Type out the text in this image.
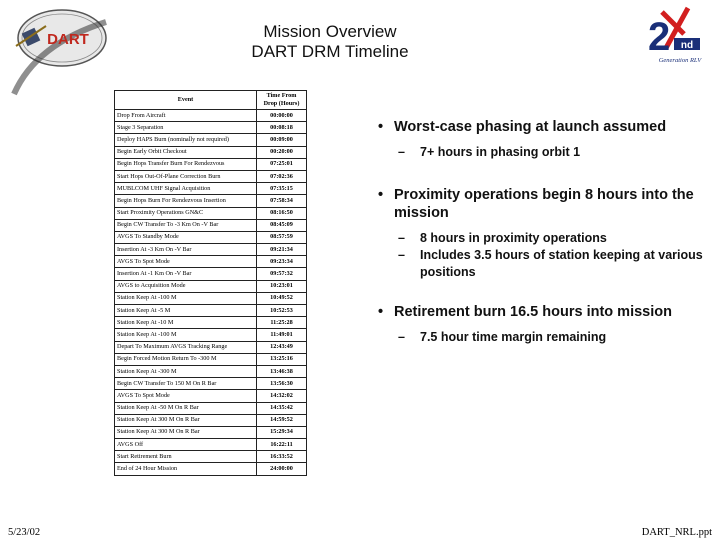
DART	Mission Overview
DART DRM Timeline	2 nd
Generation RLV
Event	Time From Drop (Hours)
Drop From Aircraft	00:00:00
Stage 3 Separation	00:08:18
Deploy HAPS Burn (nominally not required)	00:09:00
Begin Early Orbit Checkout	00:20:00
Begin Hops Transfer Burn For Rendezvous	07:25:01
Start Hops Out-Of-Plane Correction Burn	07:02:36
MUBLCOM UHF Signal Acquisition	07:35:15
Begin Hops Burn For Rendezvous Insertion	07:58:34
Start Proximity Operations GN&C	08:16:50
Begin CW Transfer To -3 Km On -V Bar	08:45:09
AVGS To Standby Mode	08:57:59
Insertion At -3 Km On -V Bar	09:21:34
AVGS To Spot Mode	09:23:34
Insertion At -1 Km On -V Bar	09:57:32
AVGS to Acquisition Mode	10:23:01
Station Keep At -100 M	10:49:52
Station Keep At -5 M	10:52:53
Station Keep At -10 M	11:25:28
Station Keep At -100 M	11:49:01
Depart To Maximum AVGS Tracking Range	12:43:49
Begin Forced Motion Return To -300 M	13:25:16
Station Keep At -300 M	13:46:38
Begin CW Transfer To 150 M On R Bar	13:56:30
AVGS To Spot Mode	14:32:02
Station Keep At -50 M On R Bar	14:35:42
Station Keep At 300 M On R Bar	14:59:52
Station Keep At 300 M On R Bar	15:29:34
AVGS Off	16:22:11
Start Retirement Burn	16:33:52
End of 24 Hour Mission	24:00:00
• Worst-case phasing at launch assumed
– 7+ hours in phasing orbit 1
• Proximity operations begin 8 hours into the mission
– 8 hours in proximity operations
– Includes 3.5 hours of station keeping at various positions
• Retirement burn 16.5 hours into mission
– 7.5 hour time margin remaining
5/23/02	DART_NRL.ppt
